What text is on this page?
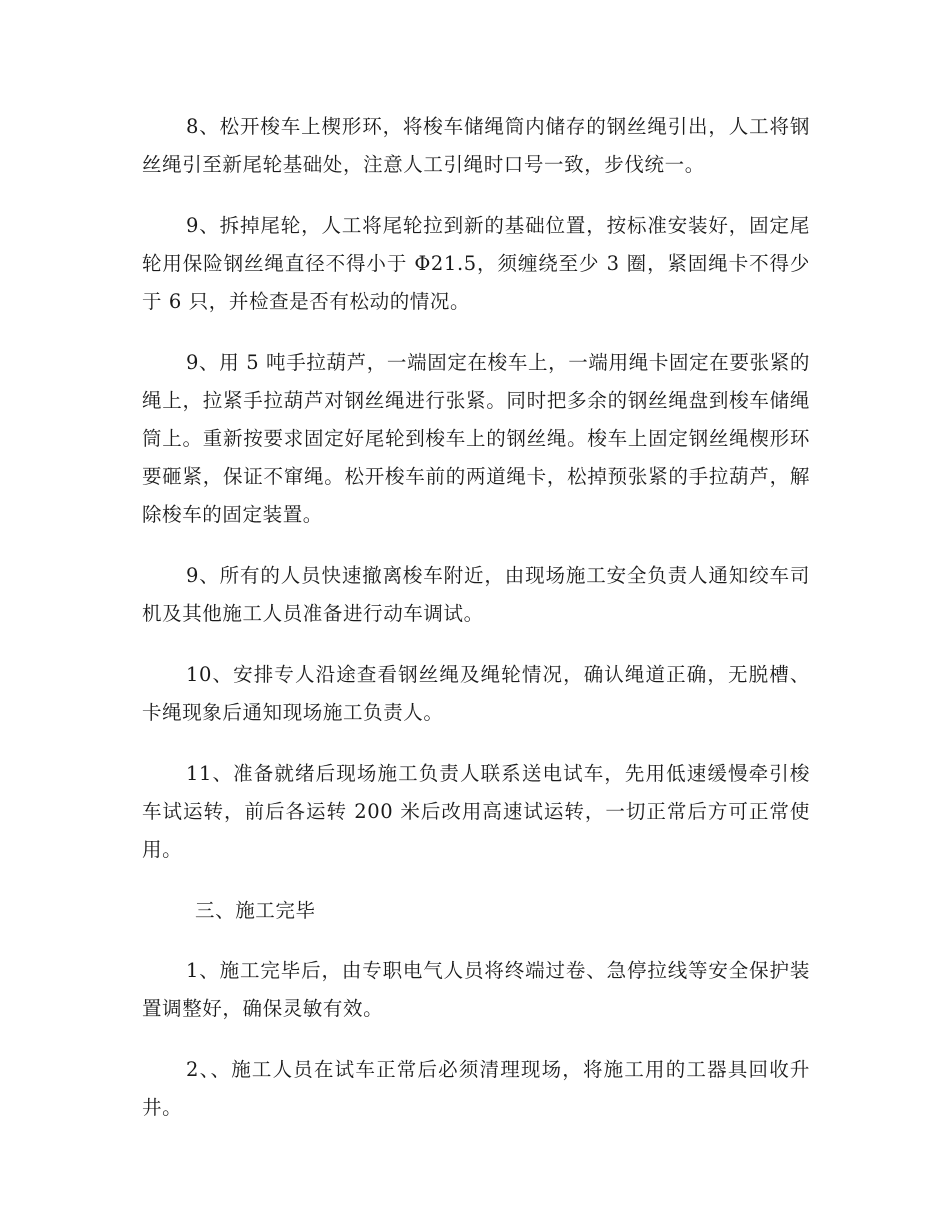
8、松开梭车上楔形环，将梭车储绳筒内储存的钢丝绳引出，人工将钢丝绳引至新尾轮基础处，注意人工引绳时口号一致，步伐统一。

9、拆掉尾轮，人工将尾轮拉到新的基础位置，按标准安装好，固定尾轮用保险钢丝绳直径不得小于 Φ21.5，须缠绕至少 3 圈，紧固绳卡不得少于 6 只，并检查是否有松动的情况。

9、用 5 吨手拉葫芦，一端固定在梭车上，一端用绳卡固定在要张紧的绳上，拉紧手拉葫芦对钢丝绳进行张紧。同时把多余的钢丝绳盘到梭车储绳筒上。重新按要求固定好尾轮到梭车上的钢丝绳。梭车上固定钢丝绳楔形环要砸紧，保证不窜绳。松开梭车前的两道绳卡，松掉预张紧的手拉葫芦，解除梭车的固定装置。

9、所有的人员快速撤离梭车附近，由现场施工安全负责人通知绞车司机及其他施工人员准备进行动车调试。

10、安排专人沿途查看钢丝绳及绳轮情况，确认绳道正确，无脱槽、卡绳现象后通知现场施工负责人。

11、准备就绪后现场施工负责人联系送电试车，先用低速缓慢牵引梭车试运转，前后各运转 200 米后改用高速试运转，一切正常后方可正常使用。

三、施工完毕

1、施工完毕后，由专职电气人员将终端过卷、急停拉线等安全保护装置调整好，确保灵敏有效。

2、、施工人员在试车正常后必须清理现场，将施工用的工器具回收升井。
